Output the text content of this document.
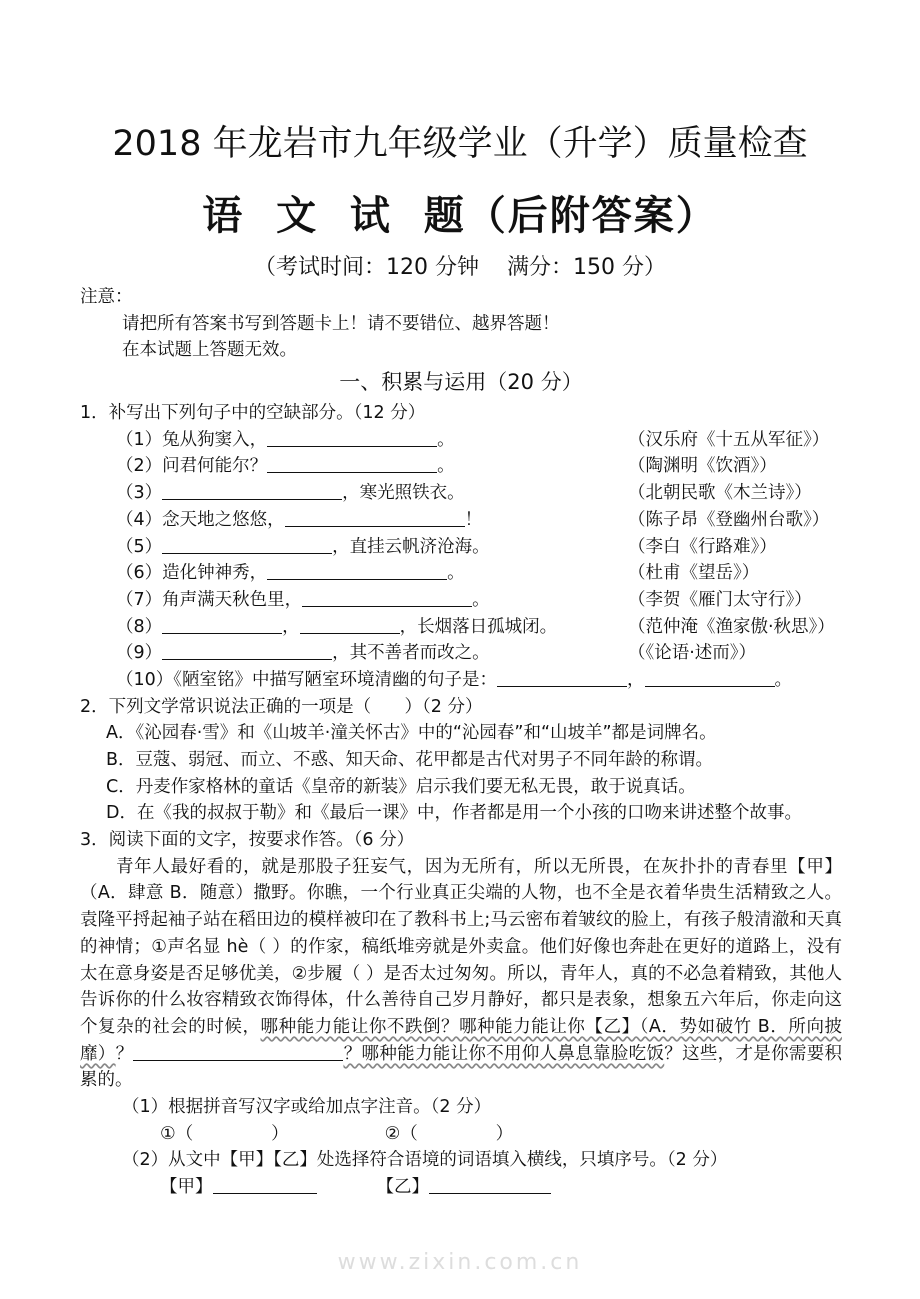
www.zixin.com.cn
2018 年龙岩市九年级学业（升学）质量检查
语  文  试  题（后附答案）
（考试时间：120 分钟    满分：150 分）
注意：
请把所有答案书写到答题卡上！请不要错位、越界答题！
在本试题上答题无效。
一、积累与运用（20 分）
1．补写出下列句子中的空缺部分。（12 分）
（1）兔从狗窦入，	。	（汉乐府《十五从军征》）
（2）问君何能尔？	。	（陶渊明《饮酒》）
（3）	，寒光照铁衣。	（北朝民歌《木兰诗》）
（4）念天地之悠悠，	！	（陈子昂《登幽州台歌》）
（5）	，直挂云帆济沧海。	（李白《行路难》）
（6）造化钟神秀，	。	（杜甫《望岳》）
（7）角声满天秋色里，	。	（李贺《雁门太守行》）
（8）	，	，长烟落日孤城闭。	（范仲淹《渔家傲·秋思》）
（9）	，其不善者而改之。	（《论语·述而》）
（10）《陋室铭》中描写陋室环境清幽的句子是：	，	。
2．下列文学常识说法正确的一项是（      ）（2 分）
A．《沁园春·雪》和《山坡羊·潼关怀古》中的“沁园春”和“山坡羊”都是词牌名。
B．豆蔻、弱冠、而立、不惑、知天命、花甲都是古代对男子不同年龄的称谓。
C．丹麦作家格林的童话《皇帝的新装》启示我们要无私无畏，敢于说真话。
D．在《我的叔叔于勒》和《最后一课》中，作者都是用一个小孩的口吻来讲述整个故事。
3．阅读下面的文字，按要求作答。（6 分）
青年人最好看的，就是那股子狂妄气，因为无所有，所以无所畏，在灰扑扑的青春里【甲】（A．肆意 B．随意）撒野。你瞧，一个行业真正尖端的人物，也不全是衣着华贵生活精致之人。袁隆平捋起袖子站在稻田边的模样被印在了教科书上;马云密布着皱纹的脸上，有孩子般清澈和天真的神情；①声名显 hè（ ）的作家，稿纸堆旁就是外卖盒。他们好像也奔赴在更好的道路上，没有太在意身姿是否足够优美，②步履（ ）是否太过匆匆。所以，青年人，真的不必急着精致，其他人告诉你的什么妆容精致衣饰得体，什么善待自己岁月静好，都只是表象，想象五六年后，你走向这个复杂的社会的时候，哪种能力能让你不跌倒？哪种能力能让你【乙】（A．势如破竹 B．所向披靡）？	？哪种能力能让你不用仰人鼻息靠脸吃饭？这些，才是你需要积累的。
（1）根据拼音写汉字或给加点字注音。（2 分）
①（              ）	②（              ）
（2）从文中【甲】【乙】处选择符合语境的词语填入横线，只填序号。（2 分）
【甲】	【乙】
